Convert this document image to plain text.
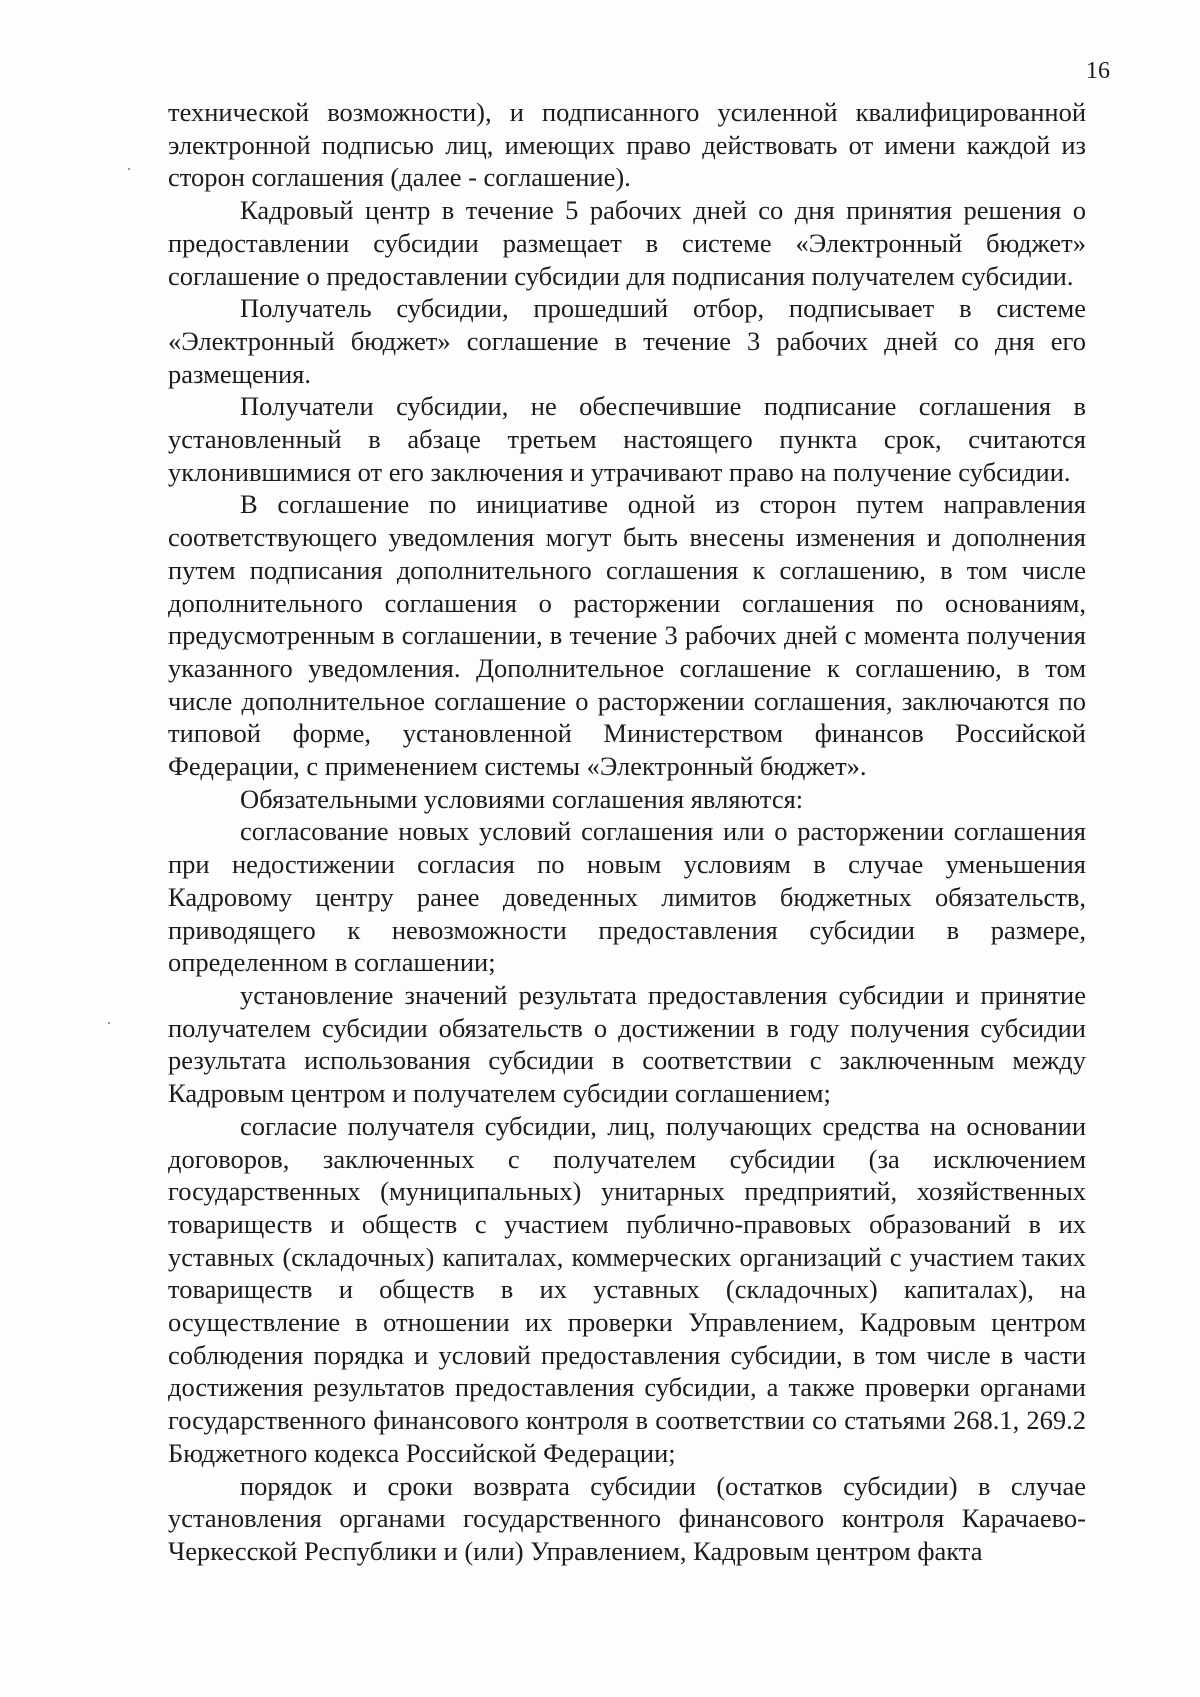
16

технической возможности), и подписанного усиленной квалифицированной электронной подписью лиц, имеющих право действовать от имени каждой из сторон соглашения (далее - соглашение).

Кадровый центр в течение 5 рабочих дней со дня принятия решения о предоставлении субсидии размещает в системе «Электронный бюджет» соглашение о предоставлении субсидии для подписания получателем субсидии.

Получатель субсидии, прошедший отбор, подписывает в системе «Электронный бюджет» соглашение в течение 3 рабочих дней со дня его размещения.

Получатели субсидии, не обеспечившие подписание соглашения в установленный в абзаце третьем настоящего пункта срок, считаются уклонившимися от его заключения и утрачивают право на получение субсидии.

В соглашение по инициативе одной из сторон путем направления соответствующего уведомления могут быть внесены изменения и дополнения путем подписания дополнительного соглашения к соглашению, в том числе дополнительного соглашения о расторжении соглашения по основаниям, предусмотренным в соглашении, в течение 3 рабочих дней с момента получения указанного уведомления. Дополнительное соглашение к соглашению, в том числе дополнительное соглашение о расторжении соглашения, заключаются по типовой форме, установленной Министерством финансов Российской Федерации, с применением системы «Электронный бюджет».

Обязательными условиями соглашения являются:

согласование новых условий соглашения или о расторжении соглашения при недостижении согласия по новым условиям в случае уменьшения Кадровому центру ранее доведенных лимитов бюджетных обязательств, приводящего к невозможности предоставления субсидии в размере, определенном в соглашении;

установление значений результата предоставления субсидии и принятие получателем субсидии обязательств о достижении в году получения субсидии результата использования субсидии в соответствии с заключенным между Кадровым центром и получателем субсидии соглашением;

согласие получателя субсидии, лиц, получающих средства на основании договоров, заключенных с получателем субсидии (за исключением государственных (муниципальных) унитарных предприятий, хозяйственных товариществ и обществ с участием публично-правовых образований в их уставных (складочных) капиталах, коммерческих организаций с участием таких товариществ и обществ в их уставных (складочных) капиталах), на осуществление в отношении их проверки Управлением, Кадровым центром соблюдения порядка и условий предоставления субсидии, в том числе в части достижения результатов предоставления субсидии, а также проверки органами государственного финансового контроля в соответствии со статьями 268.1, 269.2 Бюджетного кодекса Российской Федерации;

порядок и сроки возврата субсидии (остатков субсидии) в случае установления органами государственного финансового контроля Карачаево-Черкесской Республики и (или) Управлением, Кадровым центром факта
